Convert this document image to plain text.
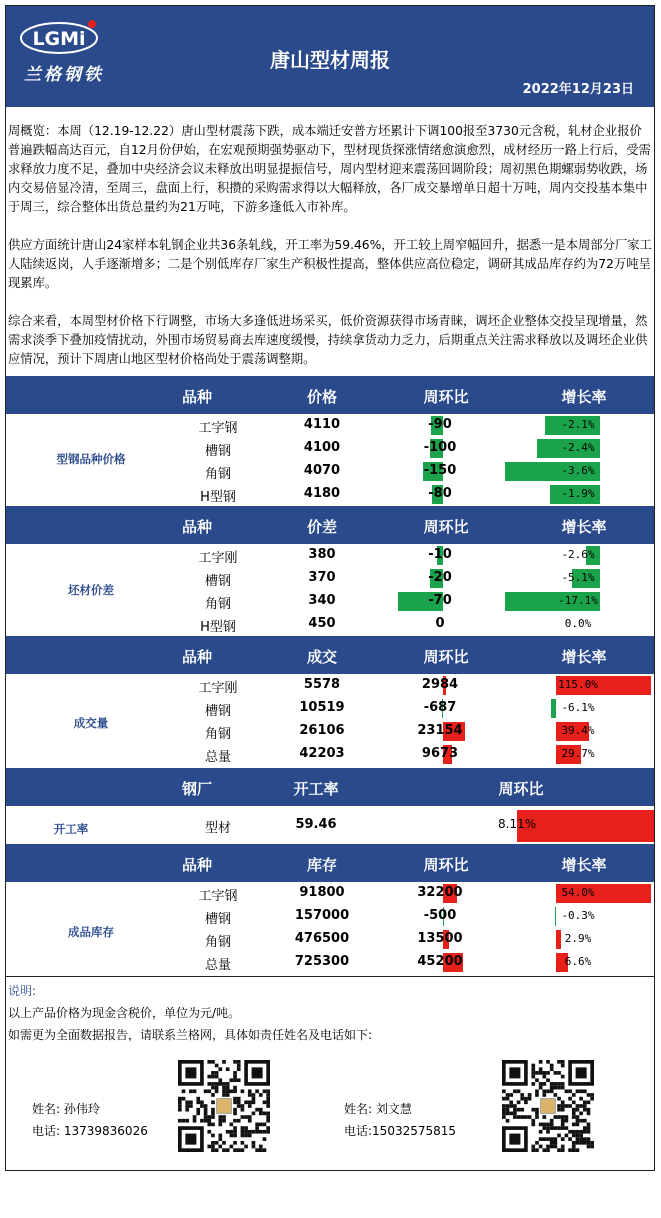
LGMi
兰格钢铁
唐山型材周报
2022年12月23日

周概览：本周（12.19-12.22）唐山型材震荡下跌，成本端迁安普方坯累计下调100报至3730元含税，轧材企业报价普遍跌幅高达百元，自12月份伊始，在宏观预期强势驱动下，型材现货探涨情绪愈演愈烈，成材经历一路上行后，受需求释放力度不足，叠加中央经济会议未释放出明显提振信号，周内型材迎来震荡回调阶段；周初黑色期螺弱势收跌，场内交易倍显冷清，至周三，盘面上行，积攒的采购需求得以大幅释放，各厂成交暴增单日超十万吨，周内交投基本集中于周三，综合整体出货总量约为21万吨，下游多逢低入市补库。

供应方面统计唐山24家样本轧钢企业共36条轧线，开工率为59.46%，开工较上周窄幅回升，据悉一是本周部分厂家工人陆续返岗，人手逐渐增多；二是个别低库存厂家生产积极性提高，整体供应高位稳定，调研其成品库存约为72万吨呈现累库。

综合来看，本周型材价格下行调整，市场大多逢低进场采买，低价资源获得市场青睐，调坯企业整体交投呈现增量，然需求淡季下叠加疫情扰动，外围市场贸易商去库速度缓慢，持续拿货动力乏力，后期重点关注需求释放以及调坯企业供应情况，预计下周唐山地区型材价格尚处于震荡调整期。

品种	价格	周环比	增长率
型钢品种价格
工字钢	4110	-90	-2.1%
槽钢	4100	-100	-2.4%
角钢	4070	-150	-3.6%
H型钢	4180	-80	-1.9%
品种	价差	周环比	增长率
坯材价差
工字刚	380	-10	-2.6%
槽钢	370	-20	-5.1%
角钢	340	-70	-17.1%
H型钢	450	0	0.0%
品种	成交	周环比	增长率
成交量
工字刚	5578	2984	115.0%
槽钢	10519	-687	-6.1%
角钢	26106	23154	39.4%
总量	42203	9673	29.7%
钢厂	开工率	周环比
开工率	型材	59.46	8.11%
品种	库存	周环比	增长率
成品库存
工字钢	91800	32200	54.0%
槽钢	157000	-500	-0.3%
角钢	476500	13500	2.9%
总量	725300	45200	6.6%
说明:
以上产品价格为现金含税价，单位为元/吨。
如需更为全面数据报告，请联系兰格网，具体如责任姓名及电话如下:
姓名: 孙伟玲
电话: 13739836026
姓名: 刘文慧
电话:15032575815
